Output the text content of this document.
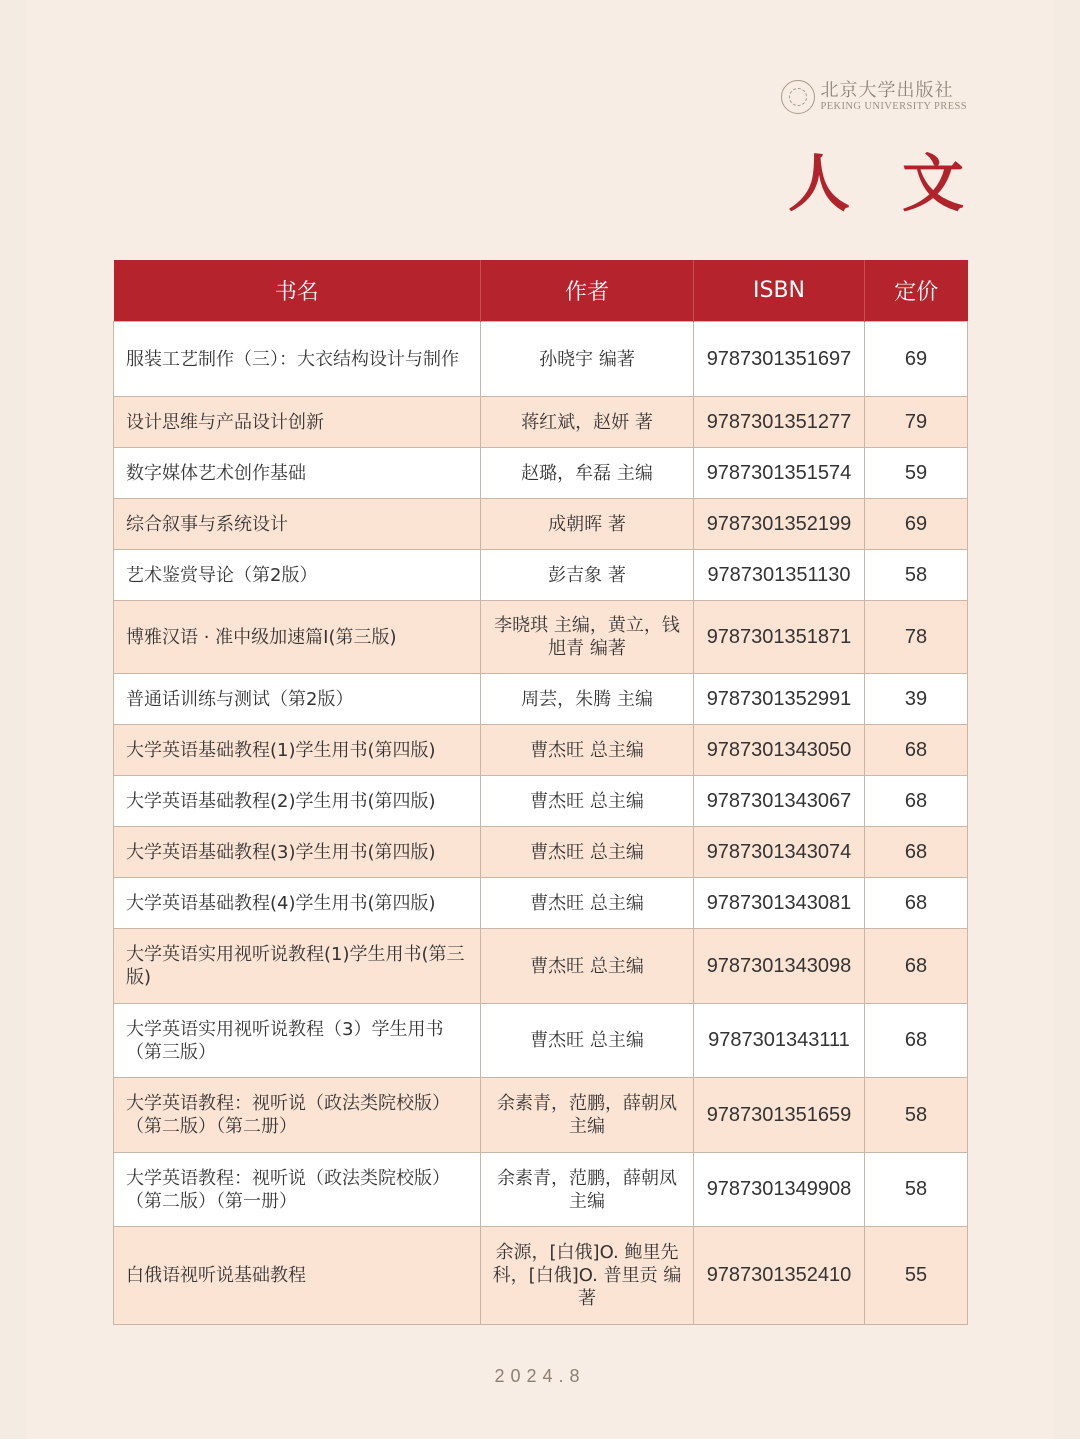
北京大学出版社
PEKING UNIVERSITY PRESS
人文
书名	作者	ISBN	定价
服装工艺制作（三）：大衣结构设计与制作	孙晓宇 编著	9787301351697	69
设计思维与产品设计创新	蒋红斌，赵妍 著	9787301351277	79
数字媒体艺术创作基础	赵璐，牟磊 主编	9787301351574	59
综合叙事与系统设计	成朝晖 著	9787301352199	69
艺术鉴赏导论（第2版）	彭吉象 著	9787301351130	58
博雅汉语 · 准中级加速篇Ⅰ(第三版)	李晓琪 主编，黄立，钱旭青 编著	9787301351871	78
普通话训练与测试（第2版）	周芸，朱腾 主编	9787301352991	39
大学英语基础教程(1)学生用书(第四版)	曹杰旺 总主编	9787301343050	68
大学英语基础教程(2)学生用书(第四版)	曹杰旺 总主编	9787301343067	68
大学英语基础教程(3)学生用书(第四版)	曹杰旺 总主编	9787301343074	68
大学英语基础教程(4)学生用书(第四版)	曹杰旺 总主编	9787301343081	68
大学英语实用视听说教程(1)学生用书(第三版)	曹杰旺 总主编	9787301343098	68
大学英语实用视听说教程（3）学生用书（第三版）	曹杰旺 总主编	9787301343111	68
大学英语教程：视听说（政法类院校版）（第二版）（第二册）	余素青，范鹏，薛朝凤 主编	9787301351659	58
大学英语教程：视听说（政法类院校版）（第二版）（第一册）	余素青，范鹏，薛朝凤 主编	9787301349908	58
白俄语视听说基础教程	余源，[白俄]O. 鲍里先科，[白俄]O. 普里贡 编著	9787301352410	55
2024.8
